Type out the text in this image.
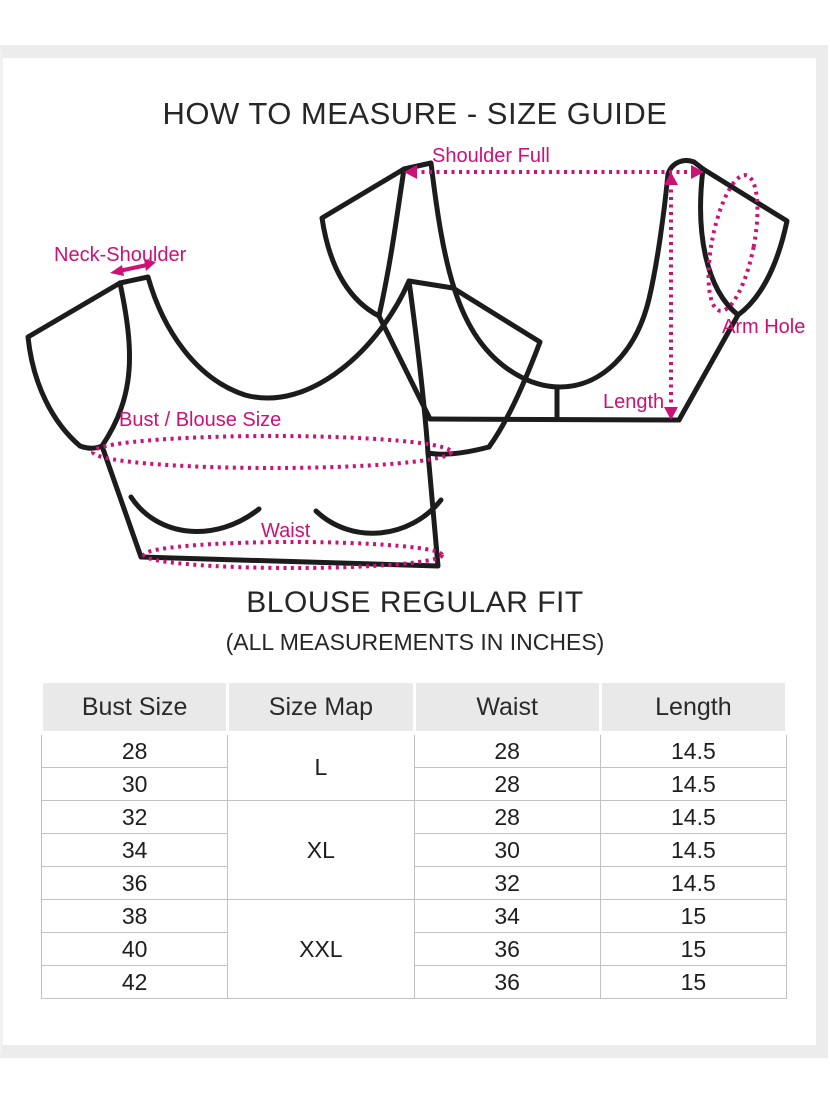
HOW TO MEASURE - SIZE GUIDE
Shoulder Full
Neck-Shoulder
Arm Hole
Length
Bust / Blouse Size
Waist
BLOUSE REGULAR FIT
(ALL MEASUREMENTS IN INCHES)
Bust Size	Size Map	Waist	Length
28	L	28	14.5
30		28	14.5
32	XL	28	14.5
34		30	14.5
36		32	14.5
38	XXL	34	15
40		36	15
42		36	15
